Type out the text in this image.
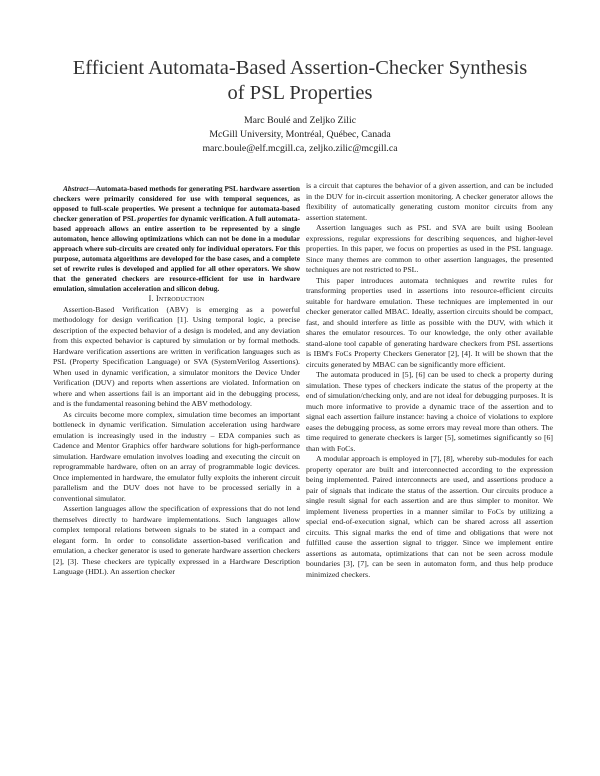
Efficient Automata-Based Assertion-Checker Synthesis
of PSL Properties
Marc Boulé and Zeljko Zilic
McGill University, Montréal, Québec, Canada
marc.boule@elf.mcgill.ca, zeljko.zilic@mcgill.ca

Abstract—Automata-based methods for generating PSL hardware assertion checkers were primarily considered for use with temporal sequences, as opposed to full-scale properties. We present a technique for automata-based checker generation of PSL properties for dynamic verification. A full automata-based approach allows an entire assertion to be represented by a single automaton, hence allowing optimizations which can not be done in a modular approach where sub-circuits are created only for individual operators. For this purpose, automata algorithms are developed for the base cases, and a complete set of rewrite rules is developed and applied for all other operators. We show that the generated checkers are resource-efficient for use in hardware emulation, simulation acceleration and silicon debug.

I. Introduction

Assertion-Based Verification (ABV) is emerging as a powerful methodology for design verification [1]. Using temporal logic, a precise description of the expected behavior of a design is modeled, and any deviation from this expected behavior is captured by simulation or by formal methods. Hardware verification assertions are written in verification languages such as PSL (Property Specification Language) or SVA (SystemVerilog Assertions). When used in dynamic verification, a simulator monitors the Device Under Verification (DUV) and reports when assertions are violated. Information on where and when assertions fail is an important aid in the debugging process, and is the fundamental reasoning behind the ABV methodology.

As circuits become more complex, simulation time becomes an important bottleneck in dynamic verification. Simulation acceleration using hardware emulation is increasingly used in the industry – EDA companies such as Cadence and Mentor Graphics offer hardware solutions for high-performance simulation. Hardware emulation involves loading and executing the circuit on reprogrammable hardware, often on an array of programmable logic devices. Once implemented in hardware, the emulator fully exploits the inherent circuit parallelism and the DUV does not have to be processed serially in a conventional simulator.

Assertion languages allow the specification of expressions that do not lend themselves directly to hardware implementations. Such languages allow complex temporal relations between signals to be stated in a compact and elegant form. In order to consolidate assertion-based verification and emulation, a checker generator is used to generate hardware assertion checkers [2], [3]. These checkers are typically expressed in a Hardware Description Language (HDL). An assertion checker

is a circuit that captures the behavior of a given assertion, and can be included in the DUV for in-circuit assertion monitoring. A checker generator allows the flexibility of automatically generating custom monitor circuits from any assertion statement.

Assertion languages such as PSL and SVA are built using Boolean expressions, regular expressions for describing sequences, and higher-level properties. In this paper, we focus on properties as used in the PSL language. Since many themes are common to other assertion languages, the presented techniques are not restricted to PSL.

This paper introduces automata techniques and rewrite rules for transforming properties used in assertions into resource-efficient circuits suitable for hardware emulation. These techniques are implemented in our checker generator called MBAC. Ideally, assertion circuits should be compact, fast, and should interfere as little as possible with the DUV, with which it shares the emulator resources. To our knowledge, the only other available stand-alone tool capable of generating hardware checkers from PSL assertions is IBM's FoCs Property Checkers Generator [2], [4]. It will be shown that the circuits generated by MBAC can be significantly more efficient.

The automata produced in [5], [6] can be used to check a property during simulation. These types of checkers indicate the status of the property at the end of simulation/checking only, and are not ideal for debugging purposes. It is much more informative to provide a dynamic trace of the assertion and to signal each assertion failure instance: having a choice of violations to explore eases the debugging process, as some errors may reveal more than others. The time required to generate checkers is larger [5], sometimes significantly so [6] than with FoCs.

A modular approach is employed in [7], [8], whereby sub-modules for each property operator are built and interconnected according to the expression being implemented. Paired interconnects are used, and assertions produce a pair of signals that indicate the status of the assertion. Our circuits produce a single result signal for each assertion and are thus simpler to monitor. We implement liveness properties in a manner similar to FoCs by utilizing a special end-of-execution signal, which can be shared across all assertion circuits. This signal marks the end of time and obligations that were not fulfilled cause the assertion signal to trigger. Since we implement entire assertions as automata, optimizations that can not be seen across module boundaries [3], [7], can be seen in automaton form, and thus help produce minimized checkers.
